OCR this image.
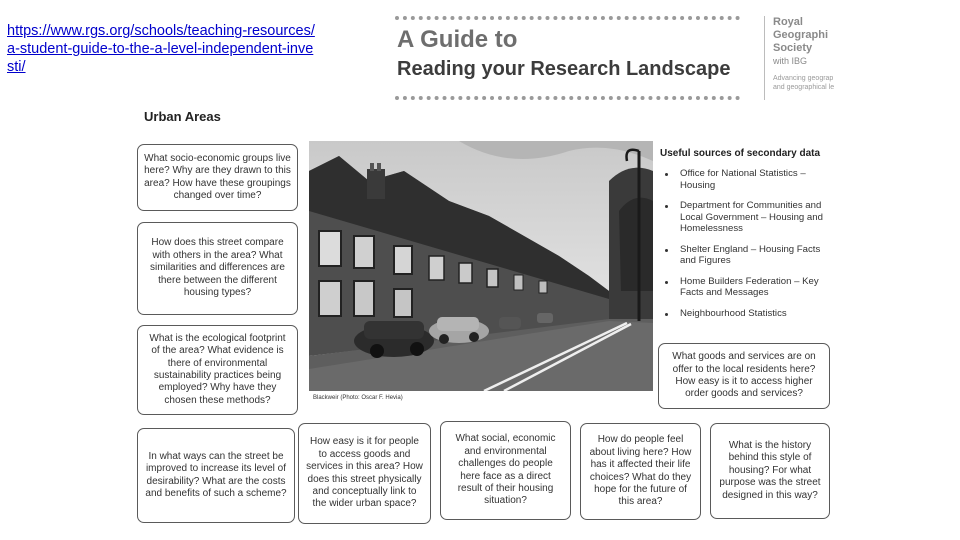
https://www.rgs.org/schools/teaching-resources/a-student-guide-to-the-a-level-independent-investi/
A Guide to
Reading your Research Landscape
Royal
Geographi
Society
with IBG
Advancing geograp
and geographical le
Urban Areas
What socio-economic groups live here? Why are they drawn to this area? How have these groupings changed over time?
How does this street compare with others in the area? What similarities and differences are there between the different housing types?
What is the ecological footprint of the area? What evidence is there of environmental sustainability practices being employed? Why have they chosen these methods?
In what ways can the street be improved to increase its level of desirability? What are the costs and benefits of such a scheme?
How easy is it for people to access goods and services in this area? How does this street physically and conceptually link to the wider urban space?
What social, economic and environmental challenges do people here face as a direct result of their housing situation?
How do people feel about living here? How has it affected their life choices? What do they hope for the future of this area?
What is the history behind this style of housing? For what purpose was the street designed in this way?
What goods and services are on offer to the local residents here? How easy is it to access higher order goods and services?
Blackweir (Photo: Oscar F. Hevia)
Useful sources of secondary data
Office for National Statistics – Housing
Department for Communities and Local Government – Housing and Homelessness
Shelter England – Housing Facts and Figures
Home Builders Federation – Key Facts and Messages
Neighbourhood Statistics
